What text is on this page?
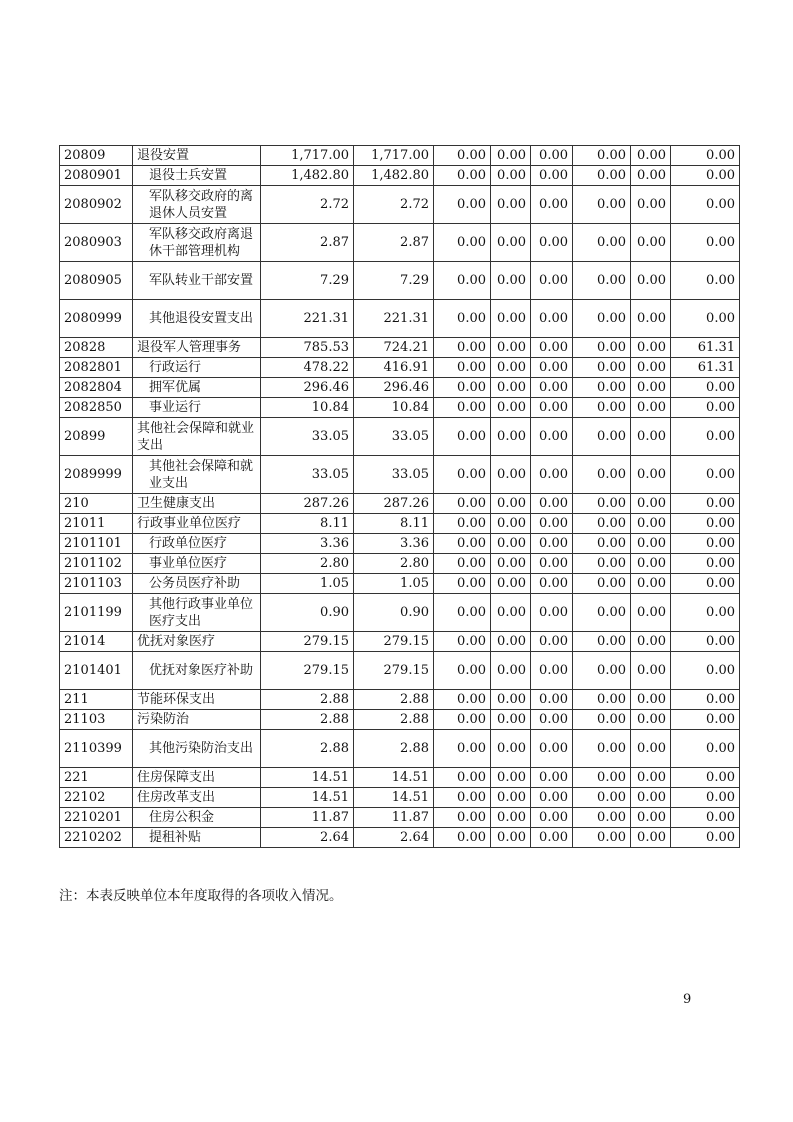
20809	退役安置	1,717.00	1,717.00	0.00	0.00	0.00	0.00	0.00	0.00
2080901	退役士兵安置	1,482.80	1,482.80	0.00	0.00	0.00	0.00	0.00	0.00
2080902	军队移交政府的离退休人员安置	2.72	2.72	0.00	0.00	0.00	0.00	0.00	0.00
2080903	军队移交政府离退休干部管理机构	2.87	2.87	0.00	0.00	0.00	0.00	0.00	0.00
2080905	军队转业干部安置	7.29	7.29	0.00	0.00	0.00	0.00	0.00	0.00
2080999	其他退役安置支出	221.31	221.31	0.00	0.00	0.00	0.00	0.00	0.00
20828	退役军人管理事务	785.53	724.21	0.00	0.00	0.00	0.00	0.00	61.31
2082801	行政运行	478.22	416.91	0.00	0.00	0.00	0.00	0.00	61.31
2082804	拥军优属	296.46	296.46	0.00	0.00	0.00	0.00	0.00	0.00
2082850	事业运行	10.84	10.84	0.00	0.00	0.00	0.00	0.00	0.00
20899	其他社会保障和就业支出	33.05	33.05	0.00	0.00	0.00	0.00	0.00	0.00
2089999	其他社会保障和就业支出	33.05	33.05	0.00	0.00	0.00	0.00	0.00	0.00
210	卫生健康支出	287.26	287.26	0.00	0.00	0.00	0.00	0.00	0.00
21011	行政事业单位医疗	8.11	8.11	0.00	0.00	0.00	0.00	0.00	0.00
2101101	行政单位医疗	3.36	3.36	0.00	0.00	0.00	0.00	0.00	0.00
2101102	事业单位医疗	2.80	2.80	0.00	0.00	0.00	0.00	0.00	0.00
2101103	公务员医疗补助	1.05	1.05	0.00	0.00	0.00	0.00	0.00	0.00
2101199	其他行政事业单位医疗支出	0.90	0.90	0.00	0.00	0.00	0.00	0.00	0.00
21014	优抚对象医疗	279.15	279.15	0.00	0.00	0.00	0.00	0.00	0.00
2101401	优抚对象医疗补助	279.15	279.15	0.00	0.00	0.00	0.00	0.00	0.00
211	节能环保支出	2.88	2.88	0.00	0.00	0.00	0.00	0.00	0.00
21103	污染防治	2.88	2.88	0.00	0.00	0.00	0.00	0.00	0.00
2110399	其他污染防治支出	2.88	2.88	0.00	0.00	0.00	0.00	0.00	0.00
221	住房保障支出	14.51	14.51	0.00	0.00	0.00	0.00	0.00	0.00
22102	住房改革支出	14.51	14.51	0.00	0.00	0.00	0.00	0.00	0.00
2210201	住房公积金	11.87	11.87	0.00	0.00	0.00	0.00	0.00	0.00
2210202	提租补贴	2.64	2.64	0.00	0.00	0.00	0.00	0.00	0.00
注：本表反映单位本年度取得的各项收入情况。
9
